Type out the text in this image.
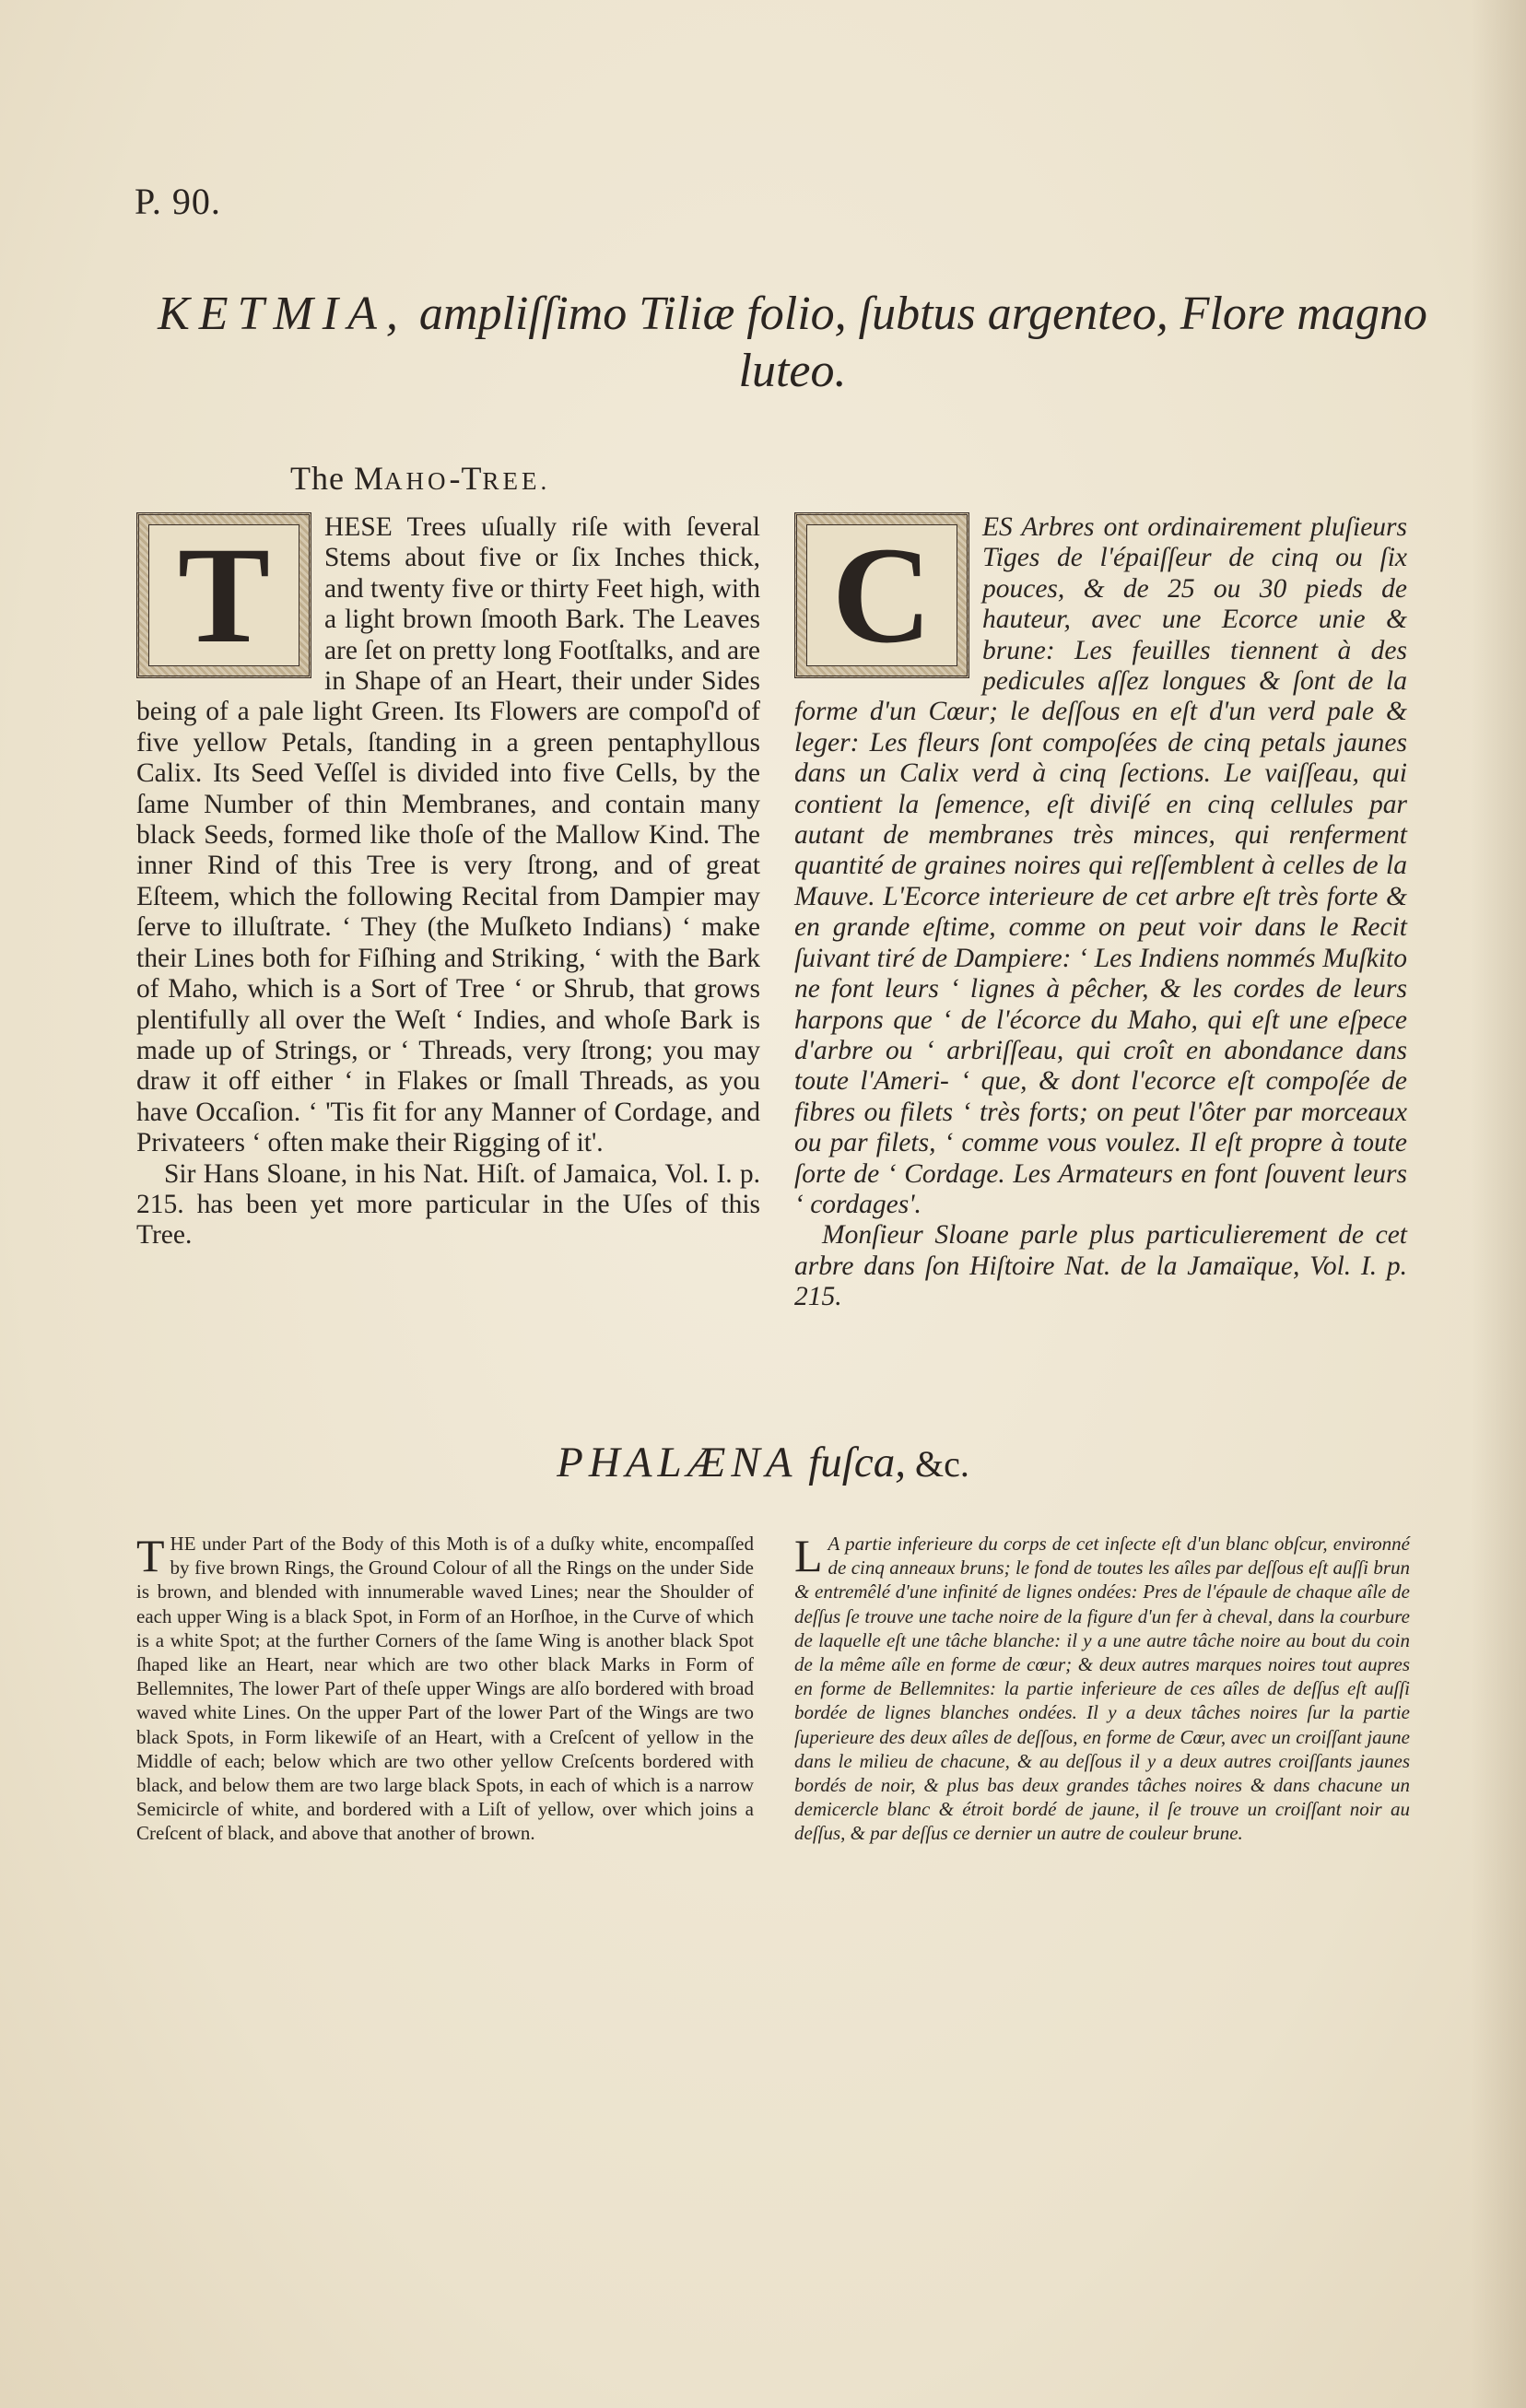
P. 90.
KETMIA, ampliſſimo Tiliæ folio, ſubtus argenteo, Flore magno luteo.
The MAHO-TREE.
T	HESE Trees uſually riſe with ſeveral Stems about five or ſix Inches thick, and twenty five or thirty Feet high, with a light brown ſmooth Bark. The Leaves are ſet on pretty long Footſtalks, and are in Shape of an Heart, their under Sides being of a pale light Green. Its Flowers are compoſ'd of five yellow Petals, ſtanding in a green pentaphyllous Calix. Its Seed Veſſel is divided into five Cells, by the ſame Number of thin Membranes, and contain many black Seeds, formed like thoſe of the Mallow Kind. The inner Rind of this Tree is very ſtrong, and of great Eſteem, which the following Recital from Dampier may ſerve to illuſtrate. ‘ They (the Muſketo Indians) ‘ make their Lines both for Fiſhing and Striking, ‘ with the Bark of Maho, which is a Sort of Tree ‘ or Shrub, that grows plentifully all over the Weſt ‘ Indies, and whoſe Bark is made up of Strings, or ‘ Threads, very ſtrong; you may draw it off either ‘ in Flakes or ſmall Threads, as you have Occaſion. ‘ 'Tis fit for any Manner of Cordage, and Privateers ‘ often make their Rigging of it'.

Sir Hans Sloane, in his Nat. Hiſt. of Jamaica, Vol. I. p. 215. has been yet more particular in the Uſes of this Tree.

C	ES Arbres ont ordinairement pluſieurs Tiges de l'épaiſſeur de cinq ou ſix pouces, & de 25 ou 30 pieds de hauteur, avec une Ecorce unie & brune: Les feuilles tiennent à des pedicules aſſez longues & ſont de la forme d'un Cœur; le deſſous en eſt d'un verd pale & leger: Les fleurs ſont compoſées de cinq petals jaunes dans un Calix verd à cinq ſections. Le vaiſſeau, qui contient la ſemence, eſt diviſé en cinq cellules par autant de membranes très minces, qui renferment quantité de graines noires qui reſſemblent à celles de la Mauve. L'Ecorce interieure de cet arbre eſt très forte & en grande eſtime, comme on peut voir dans le Recit ſuivant tiré de Dampiere: ‘ Les Indiens nommés Muſkito ne font leurs ‘ lignes à pêcher, & les cordes de leurs harpons que ‘ de l'écorce du Maho, qui eſt une eſpece d'arbre ou ‘ arbriſſeau, qui croît en abondance dans toute l'Ameri‐ ‘ que, & dont l'ecorce eſt compoſée de fibres ou filets ‘ très forts; on peut l'ôter par morceaux ou par filets, ‘ comme vous voulez. Il eſt propre à toute ſorte de ‘ Cordage. Les Armateurs en font ſouvent leurs ‘ cordages'.

Monſieur Sloane parle plus particulierement de cet arbre dans ſon Hiſtoire Nat. de la Jamaïque, Vol. I. p. 215.

PHALÆNA fuſca, &c.
T HE under Part of the Body of this Moth is of a duſky white, encompaſſed by five brown Rings, the Ground Colour of all the Rings on the under Side is brown, and blended with innumerable waved Lines; near the Shoulder of each upper Wing is a black Spot, in Form of an Horſhoe, in the Curve of which is a white Spot; at the further Corners of the ſame Wing is another black Spot ſhaped like an Heart, near which are two other black Marks in Form of Bellemnites, The lower Part of theſe upper Wings are alſo bordered with broad waved white Lines. On the upper Part of the lower Part of the Wings are two black Spots, in Form likewiſe of an Heart, with a Creſcent of yellow in the Middle of each; below which are two other yellow Creſcents bordered with black, and below them are two large black Spots, in each of which is a narrow Semicircle of white, and bordered with a Liſt of yellow, over which joins a Creſcent of black, and above that another of brown.

L A partie inferieure du corps de cet inſecte eſt d'un blanc obſcur, environné de cinq anneaux bruns; le fond de toutes les aîles par deſſous eſt auſſi brun & entremêlé d'une infinité de lignes ondées: Pres de l'épaule de chaque aîle de deſſus ſe trouve une tache noire de la figure d'un fer à cheval, dans la courbure de laquelle eſt une tâche blanche: il y a une autre tâche noire au bout du coin de la même aîle en forme de cœur; & deux autres marques noires tout aupres en forme de Bellemnites: la partie inferieure de ces aîles de deſſus eſt auſſi bordée de lignes blanches ondées. Il y a deux tâches noires ſur la partie ſuperieure des deux aîles de deſſous, en forme de Cœur, avec un croiſſant jaune dans le milieu de chacune, & au deſſous il y a deux autres croiſſants jaunes bordés de noir, & plus bas deux grandes tâches noires & dans chacune un demicercle blanc & étroit bordé de jaune, il ſe trouve un croiſſant noir au deſſus, & par deſſus ce dernier un autre de couleur brune.
